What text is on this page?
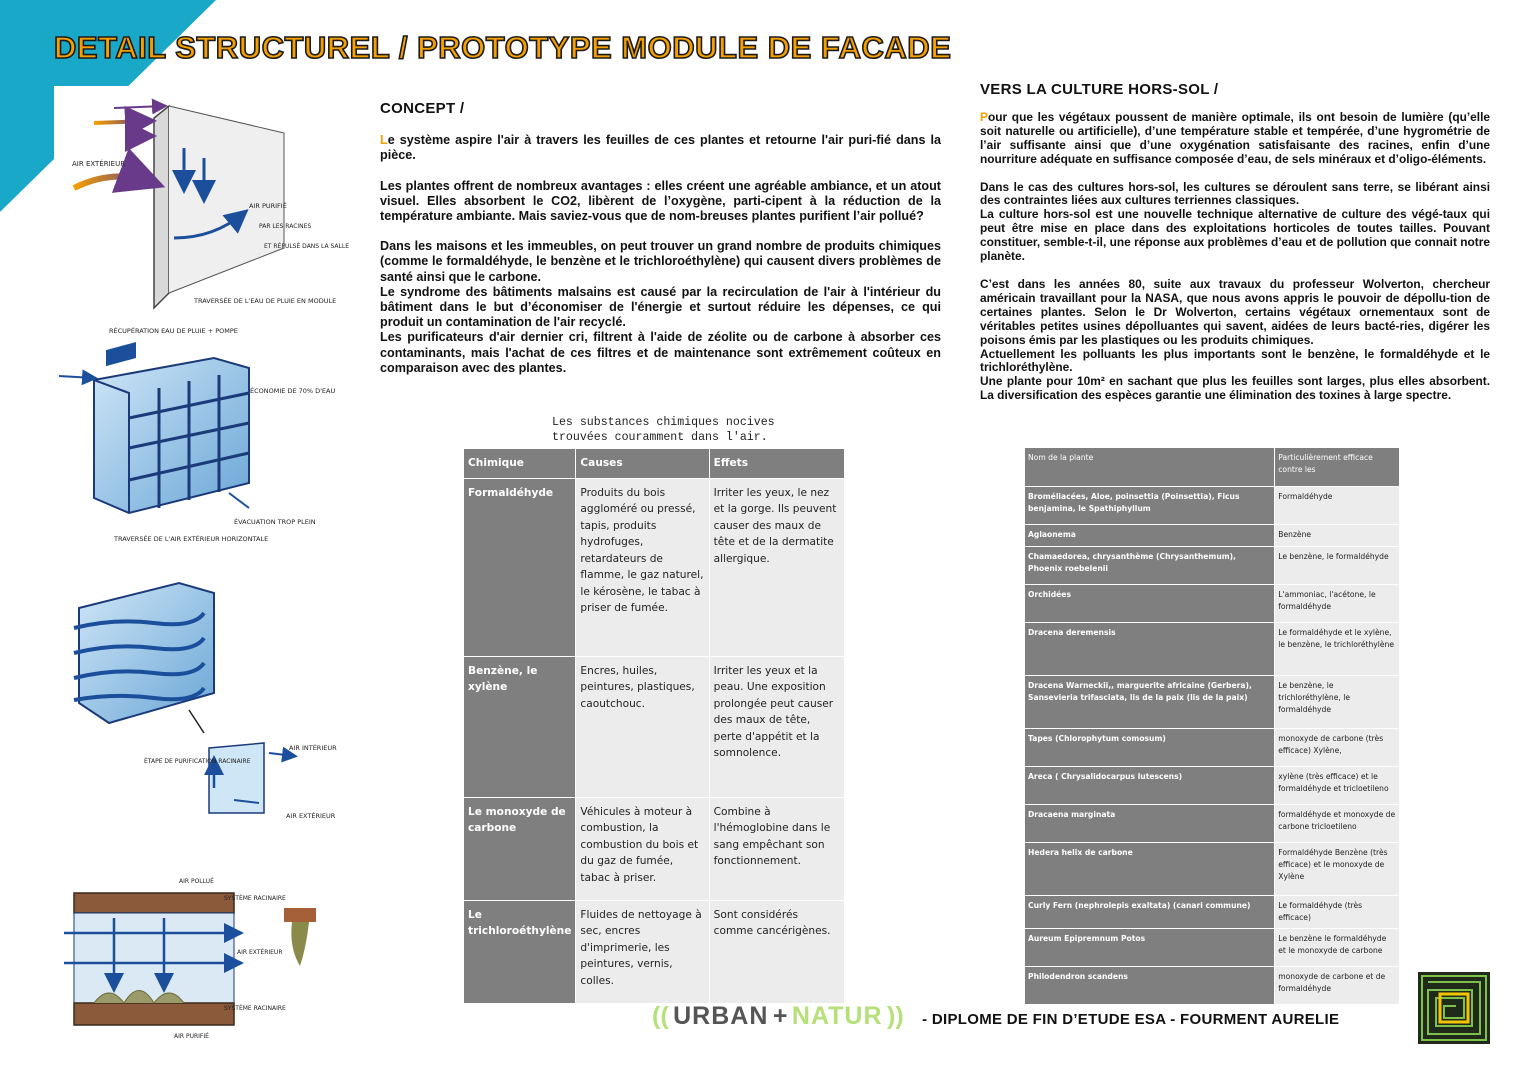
DETAIL STRUCTUREL / PROTOTYPE MODULE DE FACADE
AIR EXTÉRIEUR
AIR PURIFIÉ
PAR LES RACINES
ET RÉPULSÉ DANS LA SALLE
TRAVERSÉE DE L'EAU DE PLUIE EN MODULE
RÉCUPÉRATION EAU DE PLUIE + POMPE
ÉCONOMIE DE 70% D'EAU
ÉVACUATION TROP PLEIN
TRAVERSÉE DE L'AIR EXTÉRIEUR HORIZONTALE
AIR INTÉRIEUR
ÉTAPE DE PURIFICATION RACINAIRE
AIR EXTÉRIEUR
AIR POLLUÉ
SYSTÈME RACINAIRE
AIR EXTÉRIEUR
SYSTÈME RACINAIRE
AIR PURIFIÉ
CONCEPT /

Le système aspire l'air à travers les feuilles de ces plantes et retourne l'air puri-fié dans la pièce.

Les plantes offrent de nombreux avantages : elles créent une agréable ambiance, et un atout visuel. Elles absorbent le CO2, libèrent de l’oxygène, parti-cipent à la réduction de la température ambiante. Mais saviez-vous que de nom-breuses plantes purifient l’air pollué?

Dans les maisons et les immeubles, on peut trouver un grand nombre de produits chimiques (comme le formaldéhyde, le benzène et le trichloroéthylène) qui causent divers problèmes de santé ainsi que le carbone.

Le syndrome des bâtiments malsains est causé par la recirculation de l'air à l'intérieur du bâtiment dans le but d’économiser de l'énergie et surtout réduire les dépenses, ce qui produit un contamination de l'air recyclé.

Les purificateurs d'air dernier cri, filtrent à l'aide de zéolite ou de carbone à absorber ces contaminants, mais l'achat de ces filtres et de maintenance sont extrêmement coûteux en comparaison avec des plantes.

Les substances chimiques nocives
trouvées couramment dans l'air.
Chimique	Causes	Effets
Formaldéhyde	Produits du bois aggloméré ou pressé, tapis, produits hydrofuges, retardateurs de flamme, le gaz naturel, le kérosène, le tabac à priser de fumée.	Irriter les yeux, le nez et la gorge. Ils peuvent causer des maux de tête et de la dermatite allergique.
Benzène, le xylène	Encres, huiles, peintures, plastiques, caoutchouc.	Irriter les yeux et la peau. Une exposition prolongée peut causer des maux de tête, perte d'appétit et la somnolence.
Le monoxyde de carbone	Véhicules à moteur à combustion, la combustion du bois et du gaz de fumée, tabac à priser.	Combine à l'hémoglobine dans le sang empêchant son fonctionnement.
Le trichloroéthylène	Fluides de nettoyage à sec, encres d'imprimerie, les peintures, vernis, colles.	Sont considérés comme cancérigènes.
VERS LA CULTURE HORS-SOL /

Pour que les végétaux poussent de manière optimale, ils ont besoin de lumière (qu’elle soit naturelle ou artificielle), d’une température stable et tempérée, d’une hygrométrie de l’air suffisante ainsi que d’une oxygénation satisfaisante des racines, enfin d’une nourriture adéquate en suffisance composée d’eau, de sels minéraux et d’oligo-éléments.

Dans le cas des cultures hors-sol, les cultures se déroulent sans terre, se libérant ainsi des contraintes liées aux cultures terriennes classiques.

La culture hors-sol est une nouvelle technique alternative de culture des végé-taux qui peut être mise en place dans des exploitations horticoles de toutes tailles. Pouvant constituer, semble-t-il, une réponse aux problèmes d’eau et de pollution que connait notre planète.

C’est dans les années 80, suite aux travaux du professeur Wolverton, chercheur américain travaillant pour la NASA, que nous avons appris le pouvoir de dépollu-tion de certaines plantes. Selon le Dr Wolverton, certains végétaux ornementaux sont de véritables petites usines dépolluantes qui savent, aidées de leurs bacté-ries, digérer les poisons émis par les plastiques ou les produits chimiques.

Actuellement les polluants les plus importants sont le benzène, le formaldéhyde et le trichloréthylène.

Une plante pour 10m² en sachant que plus les feuilles sont larges, plus elles absorbent. La diversification des espèces garantie une élimination des toxines à large spectre.

Nom de la plante	Particulièrement efficace contre les
Broméliacées, Aloe, poinsettia (Poinsettia), Ficus benjamina, le Spathiphyllum	Formaldéhyde
Aglaonema	Benzène
Chamaedorea, chrysanthème (Chrysanthemum), Phoenix roebelenii	Le benzène, le formaldéhyde
Orchidées	L'ammoniac, l'acétone, le formaldéhyde
Dracena deremensis	Le formaldéhyde et le xylène, le benzène, le trichloréthylène
Dracena Warneckii,, marguerite africaine (Gerbera), Sansevieria trifasciata, lis de la paix (lis de la paix)	Le benzène, le trichloréthylène, le formaldéhyde
Tapes (Chlorophytum comosum)	monoxyde de carbone (très efficace) Xylène,
Areca ( Chrysalidocarpus lutescens)	xylène (très efficace) et le formaldéhyde et tricloetileno
Dracaena marginata	formaldéhyde et monoxyde de carbone tricloetileno
Hedera helix de carbone	Formaldéhyde Benzène (très efficace) et le monoxyde de Xylène
Curly Fern (nephrolepis exaltata) (canari commune)	Le formaldéhyde (très efficace)
Aureum Epipremnum Potos	Le benzène le formaldéhyde et le monoxyde de carbone
Philodendron scandens	monoxyde de carbone et de formaldéhyde
(( URBAN + NATUR )) - DIPLOME DE FIN D’ETUDE ESA - FOURMENT AURELIE
